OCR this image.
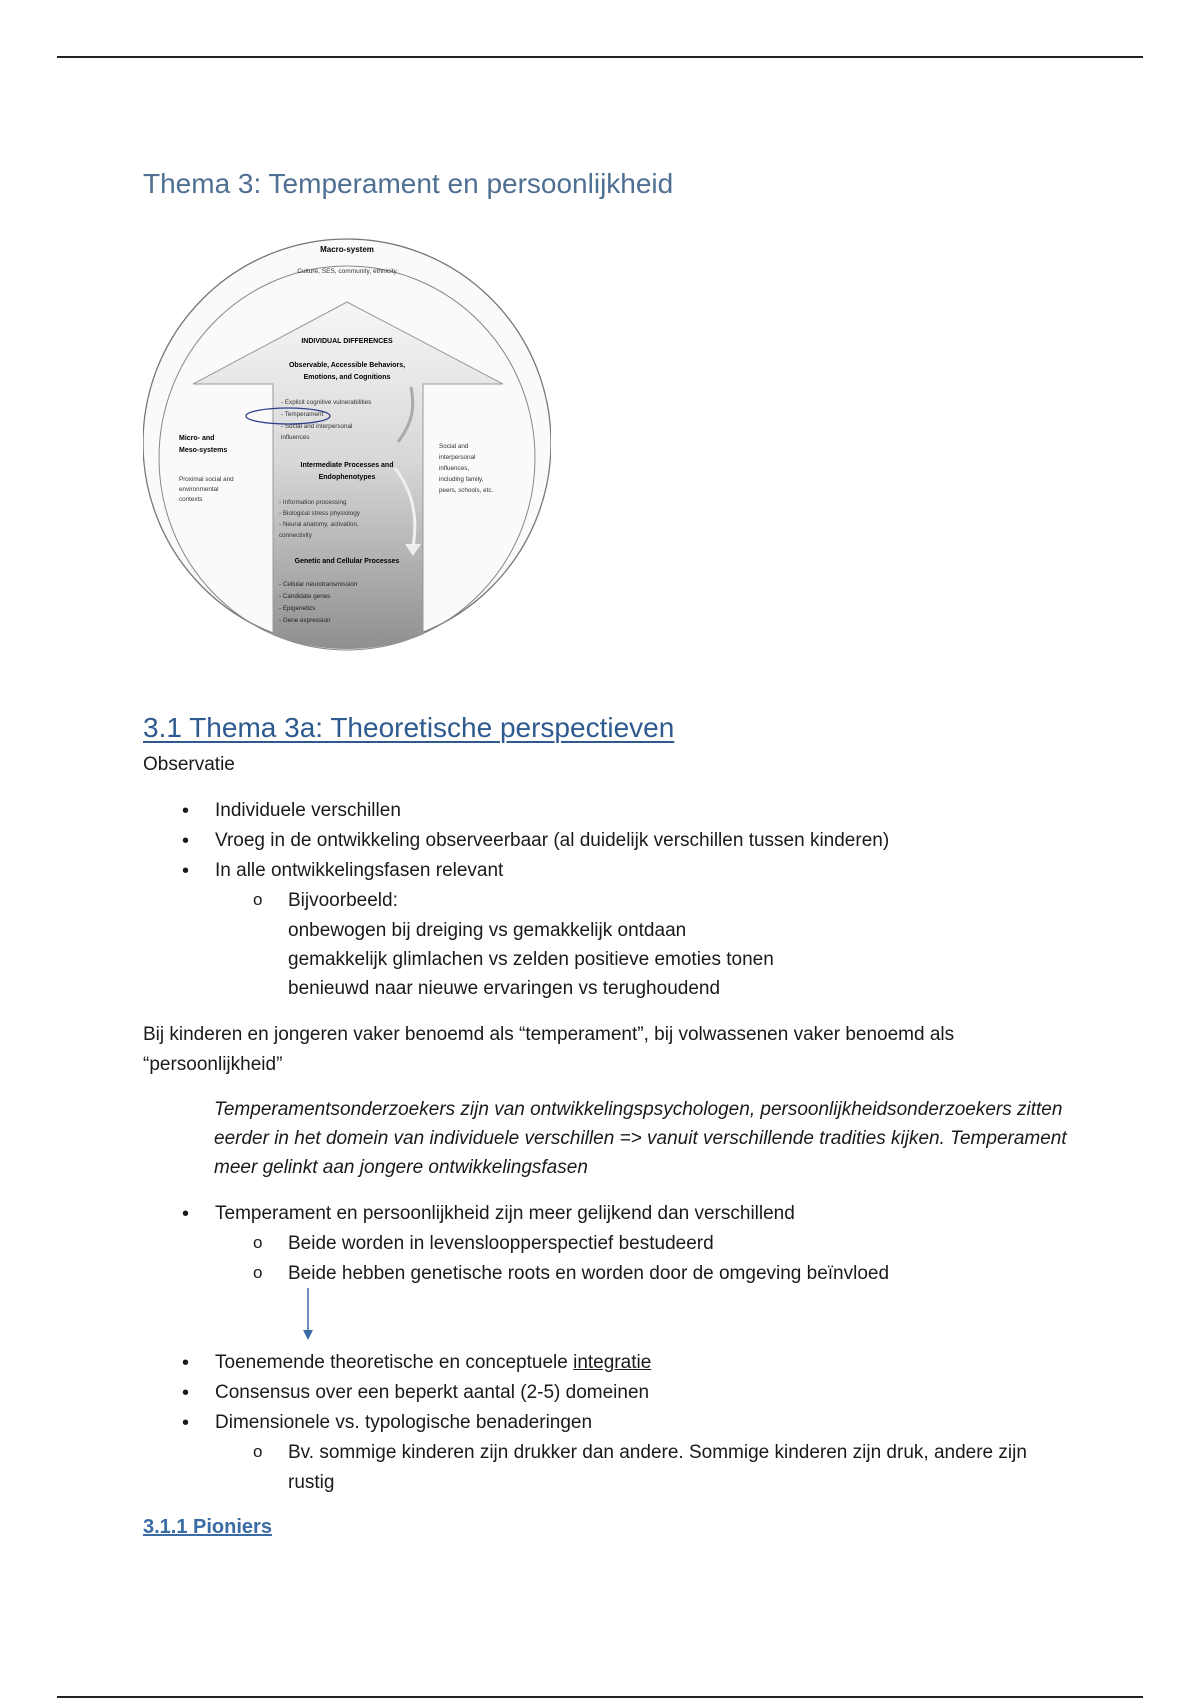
Thema 3: Temperament en persoonlijkheid
Macro-system
Culture, SES, community, ethnicity
INDIVIDUAL DIFFERENCES
Observable, Accessible Behaviors,
Emotions, and Cognitions
- Explicit cognitive vulnerabilities
- Temperament
- Social and interpersonal
influences
Micro- and
Meso-systems
Proximal social and
environmental
contexts
Social and
interpersonal
influences,
including family,
peers, schools, etc.
Intermediate Processes and
Endophenotypes
- Information processing
- Biological stress physiology
- Neural anatomy, activation,
connectivity
Genetic and Cellular Processes
- Cellular neurotransmission
- Candidate genes
- Epigenetics
- Gene expression
3.1 Thema 3a: Theoretische perspectieven
Observatie
• Individuele verschillen
• Vroeg in de ontwikkeling observeerbaar (al duidelijk verschillen tussen kinderen)
• In alle ontwikkelingsfasen relevant
o Bijvoorbeeld:
onbewogen bij dreiging vs gemakkelijk ontdaan
gemakkelijk glimlachen vs zelden positieve emoties tonen
benieuwd naar nieuwe ervaringen vs terughoudend
Bij kinderen en jongeren vaker benoemd als “temperament”, bij volwassenen vaker benoemd als “persoonlijkheid”
Temperamentsonderzoekers zijn van ontwikkelingspsychologen, persoonlijkheidsonderzoekers zitten eerder in het domein van individuele verschillen => vanuit verschillende tradities kijken. Temperament meer gelinkt aan jongere ontwikkelingsfasen
• Temperament en persoonlijkheid zijn meer gelijkend dan verschillend
o Beide worden in levensloopperspectief bestudeerd
o Beide hebben genetische roots en worden door de omgeving beïnvloed
• Toenemende theoretische en conceptuele integratie
• Consensus over een beperkt aantal (2-5) domeinen
• Dimensionele vs. typologische benaderingen
o Bv. sommige kinderen zijn drukker dan andere. Sommige kinderen zijn druk, andere zijn rustig
3.1.1 Pioniers
